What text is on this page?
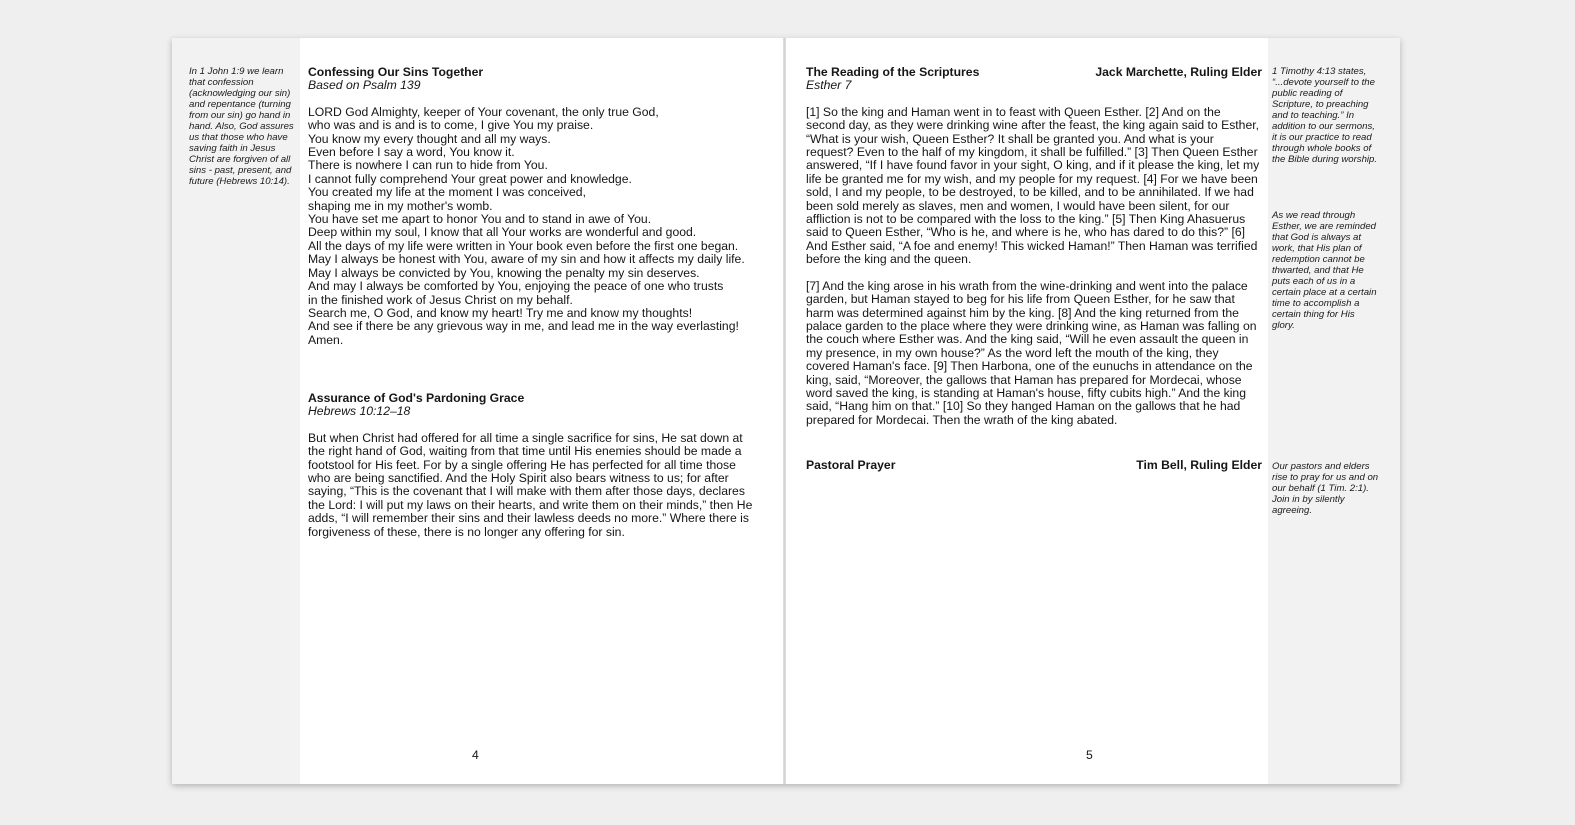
In 1 John 1:9 we learn that confession (acknowledging our sin) and repentance (turning from our sin) go hand in hand. Also, God assures us that those who have saving faith in Jesus Christ are forgiven of all sins - past, present, and future (Hebrews 10:14).

Confessing Our Sins Together

Based on Psalm 139

LORD God Almighty, keeper of Your covenant, the only true God,
who was and is and is to come, I give You my praise.
You know my every thought and all my ways.
Even before I say a word, You know it.
There is nowhere I can run to hide from You.
I cannot fully comprehend Your great power and knowledge.
You created my life at the moment I was conceived,
shaping me in my mother's womb.
You have set me apart to honor You and to stand in awe of You.
Deep within my soul, I know that all Your works are wonderful and good.
All the days of my life were written in Your book even before the first one began.
May I always be honest with You, aware of my sin and how it affects my daily life.
May I always be convicted by You, knowing the penalty my sin deserves.
And may I always be comforted by You, enjoying the peace of one who trusts
in the finished work of Jesus Christ on my behalf.
Search me, O God, and know my heart! Try me and know my thoughts!
And see if there be any grievous way in me, and lead me in the way everlasting!
Amen.

Assurance of God's Pardoning Grace

Hebrews 10:12–18

But when Christ had offered for all time a single sacrifice for sins, He sat down at the right hand of God, waiting from that time until His enemies should be made a footstool for His feet. For by a single offering He has perfected for all time those who are being sanctified. And the Holy Spirit also bears witness to us; for after saying, “This is the covenant that I will make with them after those days, declares the Lord: I will put my laws on their hearts, and write them on their minds,” then He adds, “I will remember their sins and their lawless deeds no more.” Where there is forgiveness of these, there is no longer any offering for sin.

4
The Reading of the Scriptures	Jack Marchette, Ruling Elder

Esther 7

[1] So the king and Haman went in to feast with Queen Esther. [2] And on the second day, as they were drinking wine after the feast, the king again said to Esther, “What is your wish, Queen Esther? It shall be granted you. And what is your request? Even to the half of my kingdom, it shall be fulfilled.” [3] Then Queen Esther answered, “If I have found favor in your sight, O king, and if it please the king, let my life be granted me for my wish, and my people for my request. [4] For we have been sold, I and my people, to be destroyed, to be killed, and to be annihilated. If we had been sold merely as slaves, men and women, I would have been silent, for our affliction is not to be compared with the loss to the king.” [5] Then King Ahasuerus said to Queen Esther, “Who is he, and where is he, who has dared to do this?” [6] And Esther said, “A foe and enemy! This wicked Haman!” Then Haman was terrified before the king and the queen.

[7] And the king arose in his wrath from the wine-drinking and went into the palace garden, but Haman stayed to beg for his life from Queen Esther, for he saw that harm was determined against him by the king. [8] And the king returned from the palace garden to the place where they were drinking wine, as Haman was falling on the couch where Esther was. And the king said, “Will he even assault the queen in my presence, in my own house?” As the word left the mouth of the king, they covered Haman's face. [9] Then Harbona, one of the eunuchs in attendance on the king, said, “Moreover, the gallows that Haman has prepared for Mordecai, whose word saved the king, is standing at Haman's house, fifty cubits high.” And the king said, “Hang him on that.” [10] So they hanged Haman on the gallows that he had prepared for Mordecai. Then the wrath of the king abated.

Pastoral Prayer	Tim Bell, Ruling Elder

1 Timothy 4:13 states, “...devote yourself to the public reading of Scripture, to preaching and to teaching.” In addition to our sermons, it is our practice to read through whole books of the Bible during worship.

As we read through Esther, we are reminded that God is always at work, that His plan of redemption cannot be thwarted, and that He puts each of us in a certain place at a certain time to accomplish a certain thing for His glory.

Our pastors and elders rise to pray for us and on our behalf (1 Tim. 2:1). Join in by silently agreeing.

5
